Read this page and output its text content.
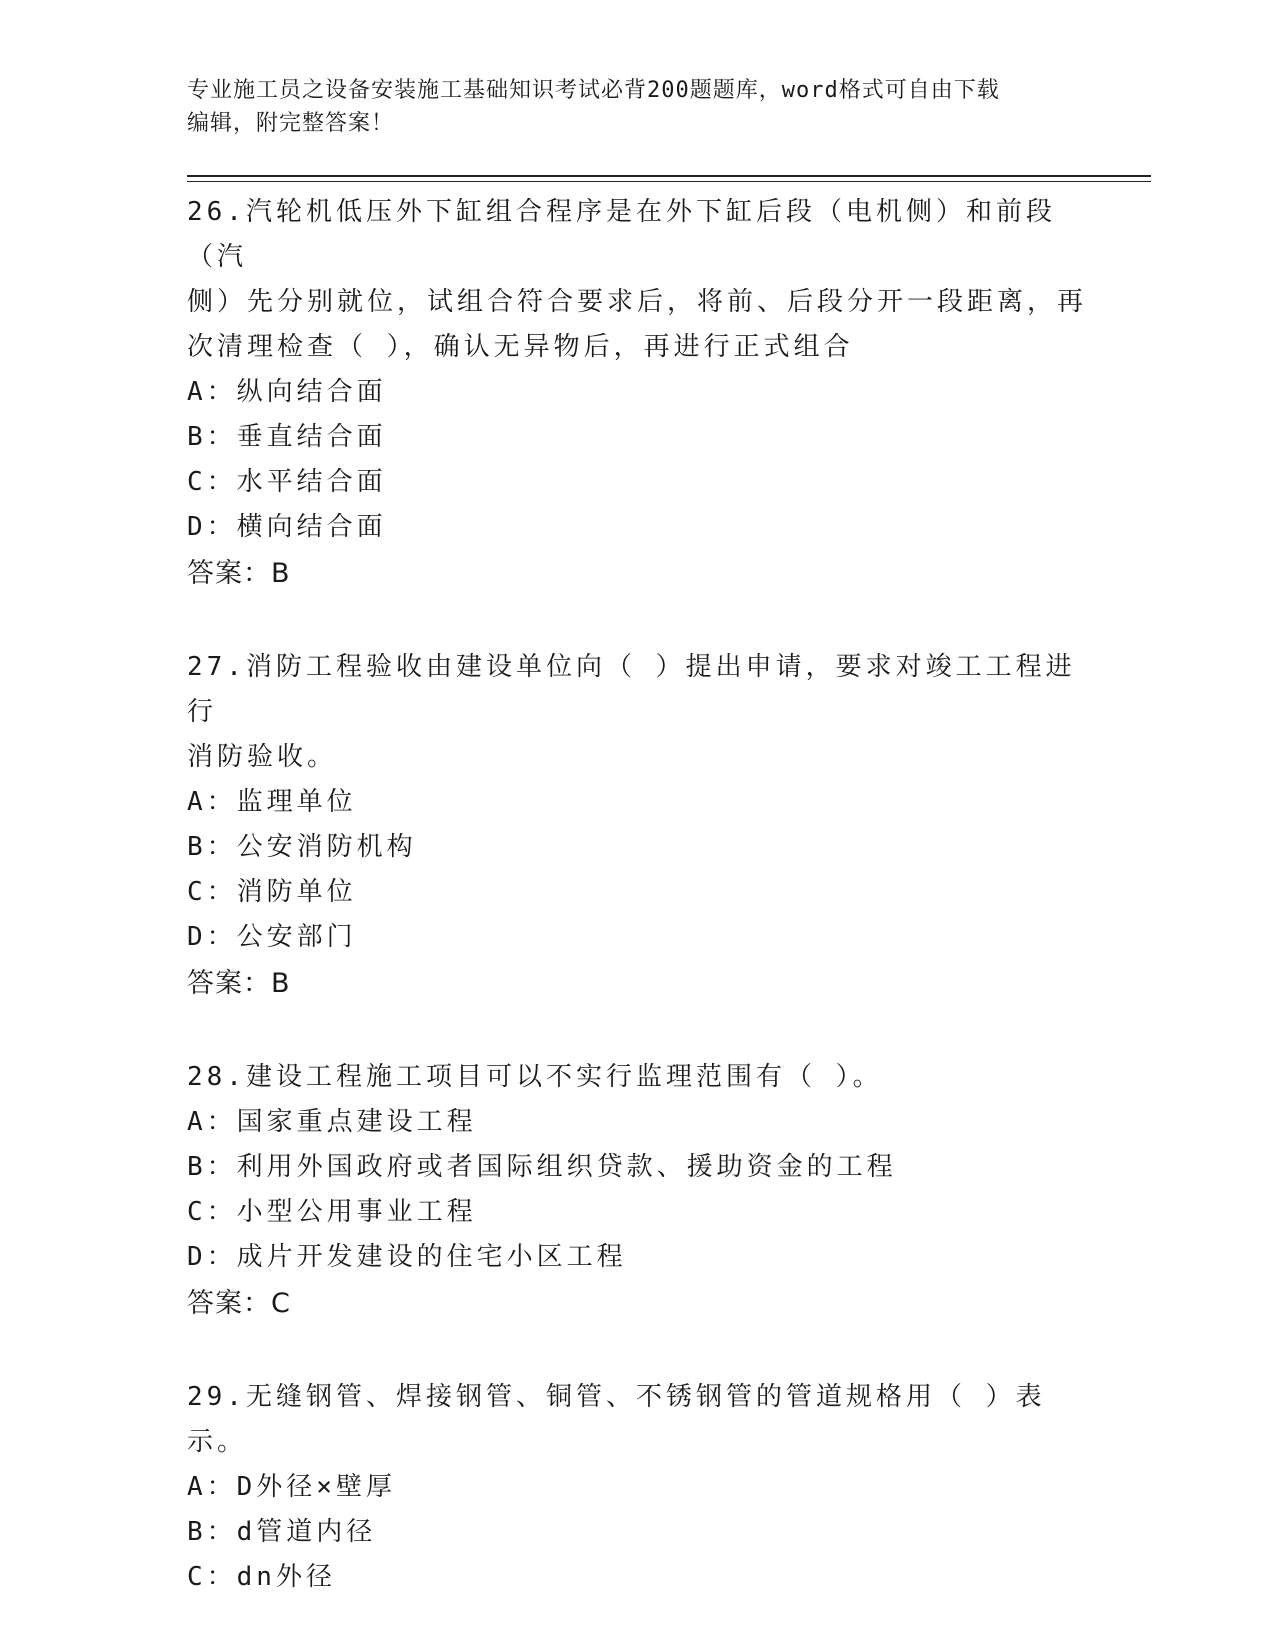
专业施工员之设备安装施工基础知识考试必背200题题库，word格式可自由下载
编辑，附完整答案！
26.汽轮机低压外下缸组合程序是在外下缸后段（电机侧）和前段（汽
侧）先分别就位，试组合符合要求后，将前、后段分开一段距离，再
次清理检查（ ），确认无异物后，再进行正式组合
A：纵向结合面
B：垂直结合面
C：水平结合面
D：横向结合面
答案：B
27.消防工程验收由建设单位向（ ）提出申请，要求对竣工工程进行
消防验收。
A：监理单位
B：公安消防机构
C：消防单位
D：公安部门
答案：B
28.建设工程施工项目可以不实行监理范围有（ ）。
A：国家重点建设工程
B：利用外国政府或者国际组织贷款、援助资金的工程
C：小型公用事业工程
D：成片开发建设的住宅小区工程
答案：C
29.无缝钢管、焊接钢管、铜管、不锈钢管的管道规格用（ ）表示。
A：D外径×壁厚
B：d管道内径
C：dn外径
